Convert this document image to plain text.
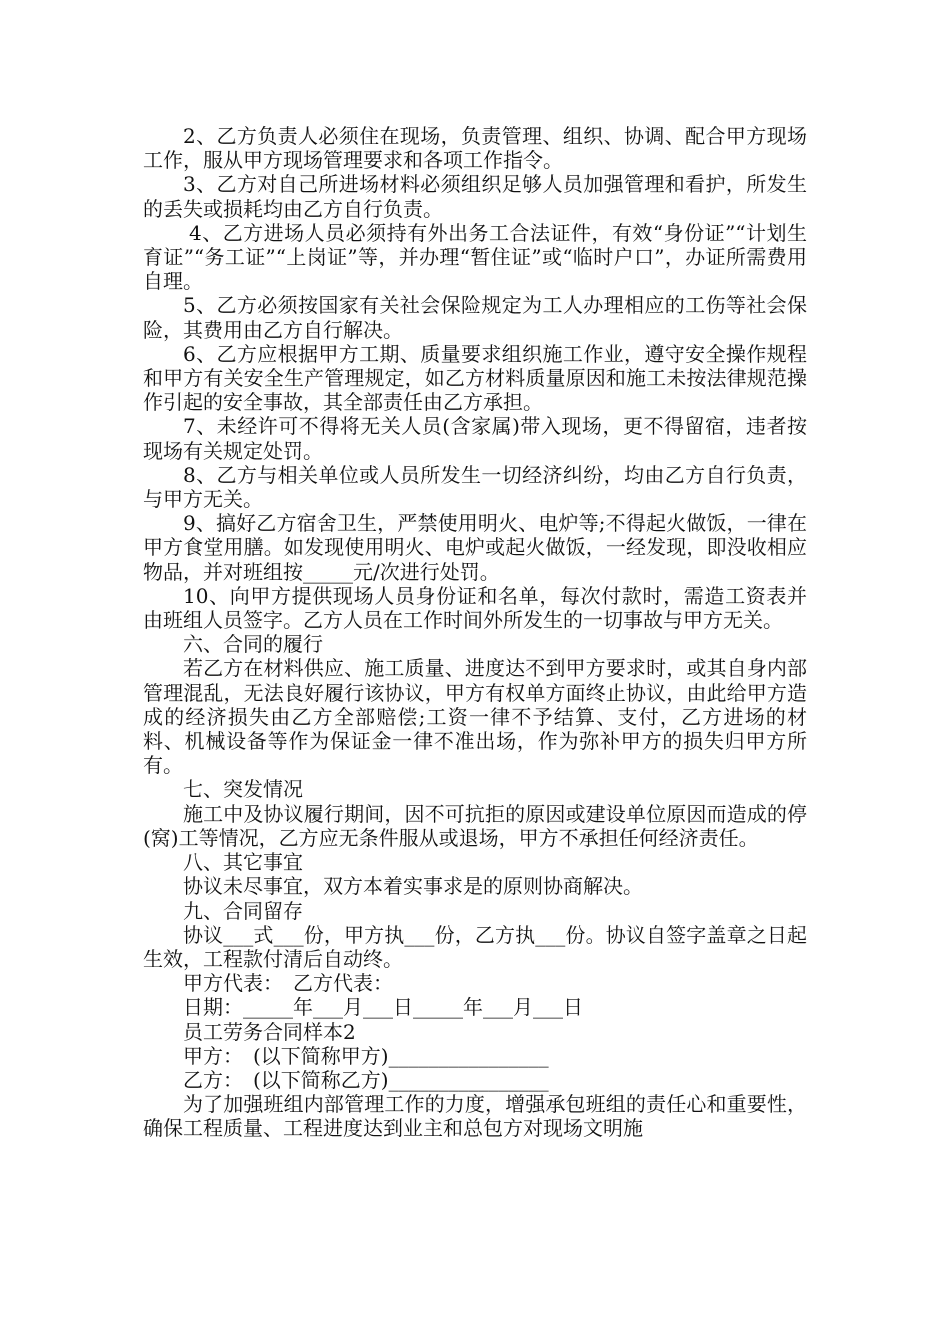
2、乙方负责人必须住在现场，负责管理、组织、协调、配合甲方现场工作，服从甲方现场管理要求和各项工作指令。

3、乙方对自己所进场材料必须组织足够人员加强管理和看护，所发生的丢失或损耗均由乙方自行负责。

4、乙方进场人员必须持有外出务工合法证件，有效“身份证”“计划生育证”“务工证”“上岗证”等，并办理“暂住证”或“临时户口”，办证所需费用自理。

5、乙方必须按国家有关社会保险规定为工人办理相应的工伤等社会保险，其费用由乙方自行解决。

6、乙方应根据甲方工期、质量要求组织施工作业，遵守安全操作规程和甲方有关安全生产管理规定，如乙方材料质量原因和施工未按法律规范操作引起的安全事故，其全部责任由乙方承担。

7、未经许可不得将无关人员(含家属)带入现场，更不得留宿，违者按现场有关规定处罚。

8、乙方与相关单位或人员所发生一切经济纠纷，均由乙方自行负责，与甲方无关。

9、搞好乙方宿舍卫生，严禁使用明火、电炉等;不得起火做饭，一律在甲方食堂用膳。如发现使用明火、电炉或起火做饭，一经发现，即没收相应物品，并对班组按_____元/次进行处罚。

10、向甲方提供现场人员身份证和名单，每次付款时，需造工资表并由班组人员签字。乙方人员在工作时间外所发生的一切事故与甲方无关。

六、合同的履行

若乙方在材料供应、施工质量、进度达不到甲方要求时，或其自身内部管理混乱，无法良好履行该协议，甲方有权单方面终止协议，由此给甲方造成的经济损失由乙方全部赔偿;工资一律不予结算、支付，乙方进场的材料、机械设备等作为保证金一律不准出场，作为弥补甲方的损失归甲方所有。

七、突发情况

施工中及协议履行期间，因不可抗拒的原因或建设单位原因而造成的停(窝)工等情况，乙方应无条件服从或退场，甲方不承担任何经济责任。

八、其它事宜

协议未尽事宜，双方本着实事求是的原则协商解决。

九、合同留存

协议___式___份，甲方执___份，乙方执___份。协议自签字盖章之日起生效，工程款付清后自动终。

甲方代表：　乙方代表：

日期：_____年___月___日_____年___月___日

员工劳务合同样本2

甲方：　(以下简称甲方)________________

乙方：　(以下简称乙方)________________

为了加强班组内部管理工作的力度，增强承包班组的责任心和重要性，确保工程质量、工程进度达到业主和总包方对现场文明施
